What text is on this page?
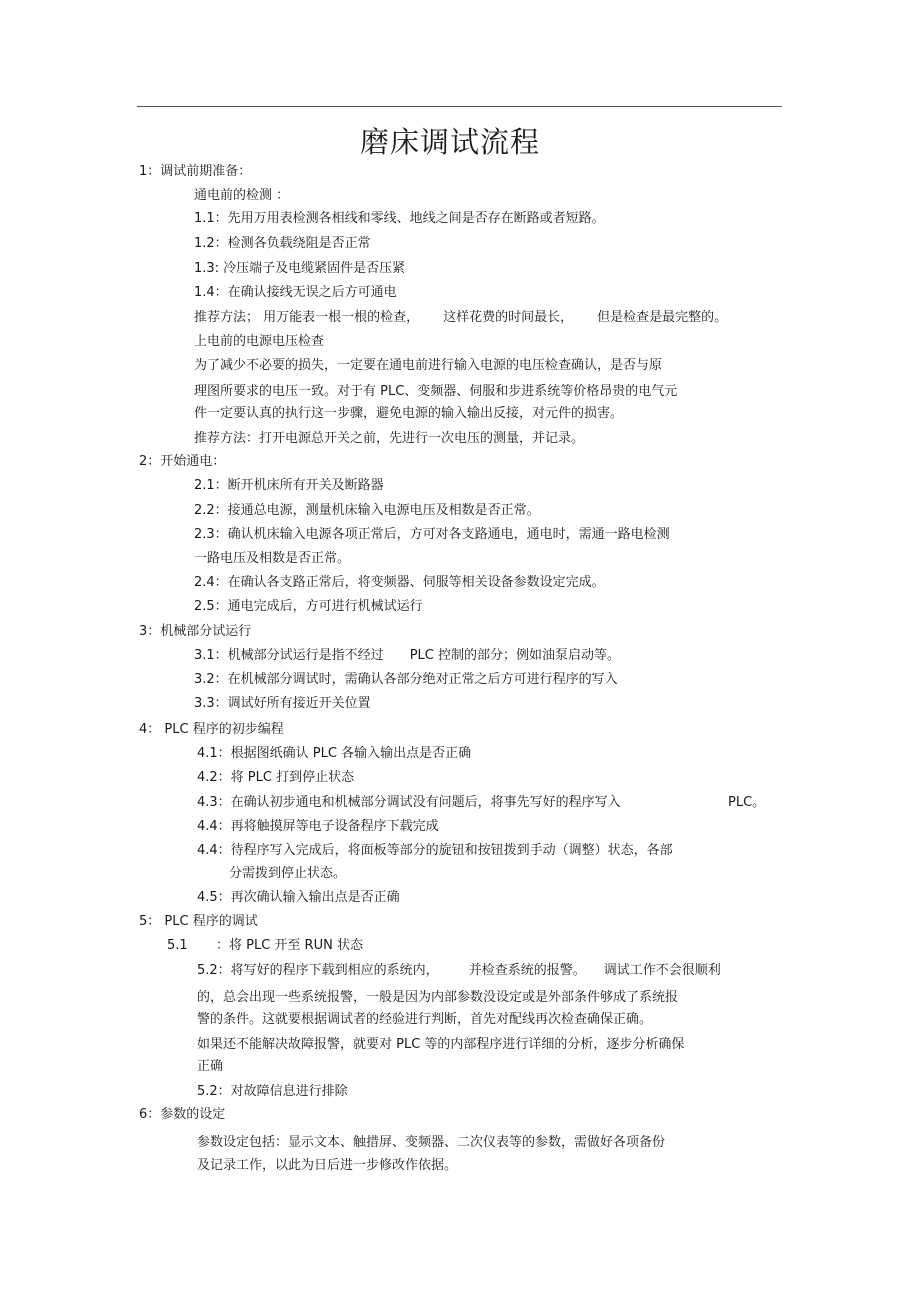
磨床调试流程
1：调试前期准备：
通电前的检测 ：
1.1：先用万用表检测各相线和零线、地线之间是否存在断路或者短路。
1.2：检测各负载绕阻是否正常
1.3: 冷压端子及电缆紧固件是否压紧
1.4：在确认接线无误之后方可通电
推荐方法； 用万能表一根一根的检查， 这样花费的时间最长， 但是检查是最完整的。
上电前的电源电压检查
为了减少不必要的损失，一定要在通电前进行输入电源的电压检查确认，是否与原
理图所要求的电压一致。对于有 PLC、变频器、伺服和步进系统等价格昂贵的电气元
件一定要认真的执行这一步骤，避免电源的输入输出反接，对元件的损害。
推荐方法：打开电源总开关之前，先进行一次电压的测量，并记录。
2：开始通电：
2.1：断开机床所有开关及断路器
2.2：接通总电源，测量机床输入电源电压及相数是否正常。
2.3：确认机床输入电源各项正常后，方可对各支路通电，通电时，需通一路电检测
一路电压及相数是否正常。
2.4：在确认各支路正常后，将变频器、伺服等相关设备参数设定完成。
2.5：通电完成后，方可进行机械试运行
3：机械部分试运行
3.1：机械部分试运行是指不经过 PLC 控制的部分；例如油泵启动等。
3.2：在机械部分调试时，需确认各部分绝对正常之后方可进行程序的写入
3.3：调试好所有接近开关位置
4： PLC 程序的初步编程
4.1：根据图纸确认 PLC 各输入输出点是否正确
4.2：将 PLC 打到停止状态
4.3：在确认初步通电和机械部分调试没有问题后，将事先写好的程序写入	PLC。
4.4：再将触摸屏等电子设备程序下载完成
4.4：待程序写入完成后，将面板等部分的旋钮和按钮拨到手动（调整）状态，各部
分需拨到停止状态。
4.5：再次确认输入输出点是否正确
5： PLC 程序的调试
5.1 ：将 PLC 开至 RUN 状态
5.2：将写好的程序下载到相应的系统内， 并检查系统的报警。 调试工作不会很顺利
的，总会出现一些系统报警，一般是因为内部参数没设定或是外部条件够成了系统报
警的条件。这就要根据调试者的经验进行判断，首先对配线再次检查确保正确。
如果还不能解决故障报警，就要对 PLC 等的内部程序进行详细的分析，逐步分析确保
正确
5.2：对故障信息进行排除
6：参数的设定
参数设定包括：显示文本、触措屏、变频器、二次仪表等的参数，需做好各项备份
及记录工作，以此为日后进一步修改作依据。
